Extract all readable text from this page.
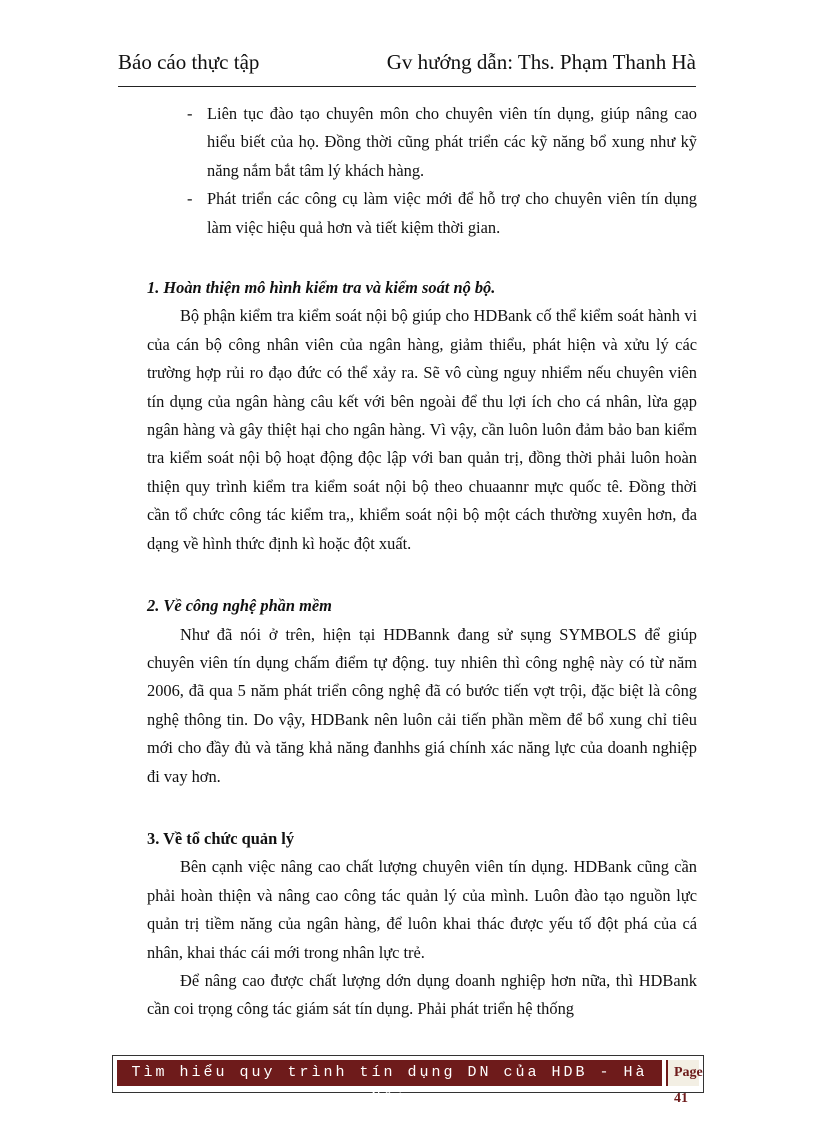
Báo cáo thực tập	Gv hướng dẫn: Ths. Phạm Thanh Hà
- Liên tục đào tạo chuyên môn cho chuyên viên tín dụng, giúp nâng cao hiểu biết của họ. Đồng thời cũng phát triển các kỹ năng bổ xung như kỹ năng nắm bắt tâm lý khách hàng.
- Phát triển các công cụ làm việc mới để hỗ trợ cho chuyên viên tín dụng làm việc hiệu quả hơn và tiết kiệm thời gian.
1. Hoàn thiện mô hình kiểm tra và kiểm soát nộ bộ.

Bộ phận kiểm tra kiểm soát nội bộ giúp cho HDBank cố thể kiểm soát hành vi của cán bộ công nhân viên của ngân hàng, giảm thiểu, phát hiện và xửu lý các trường hợp rủi ro đạo đức có thể xảy ra. Sẽ vô cùng nguy nhiểm nếu chuyên viên tín dụng của ngân hàng câu kết với bên ngoài để thu lợi ích cho cá nhân, lừa gạp ngân hàng và gây thiệt hại cho ngân hàng. Vì vậy, cần luôn luôn đảm bảo ban kiểm tra kiểm soát nội bộ hoạt động độc lập với ban quản trị, đồng thời phải luôn hoàn thiện quy trình kiểm tra kiểm soát nội bộ theo chuaannr mực quốc tê. Đồng thời cần tổ chức công tác kiểm tra,, khiểm soát nội bộ một cách thường xuyên hơn, đa dạng về hình thức định kì hoặc đột xuất.

2. Về công nghệ phần mềm

Như đã nói ở trên, hiện tại HDBannk đang sử sụng SYMBOLS để giúp chuyên viên tín dụng chấm điểm tự động. tuy nhiên thì công nghệ này có từ năm 2006, đã qua 5 năm phát triển công nghệ đã có bước tiến vợt trội, đặc biệt là công nghệ thông tin. Do vậy, HDBank nên luôn cải tiến phần mềm để bổ xung chỉ tiêu mới cho đầy đủ và tăng khả năng đanhhs giá chính xác năng lực của doanh nghiệp đi vay hơn.

3. Về tổ chức quản lý

Bên cạnh việc nâng cao chất lượng chuyên viên tín dụng. HDBank cũng cần phải hoàn thiện và nâng cao công tác quản lý của mình. Luôn đào tạo nguồn lực quản trị tiềm năng của ngân hàng, để luôn khai thác được yếu tố đột phá của cá nhân, khai thác cái mới trong nhân lực trẻ.

Để nâng cao được chất lượng dớn dụng doanh nghiệp hơn nữa, thì HDBank cần coi trọng công tác giám sát tín dụng. Phải phát triển hệ thống

Tìm hiểu quy trình tín dụng DN của HDB - Hà Nội
Page 41
